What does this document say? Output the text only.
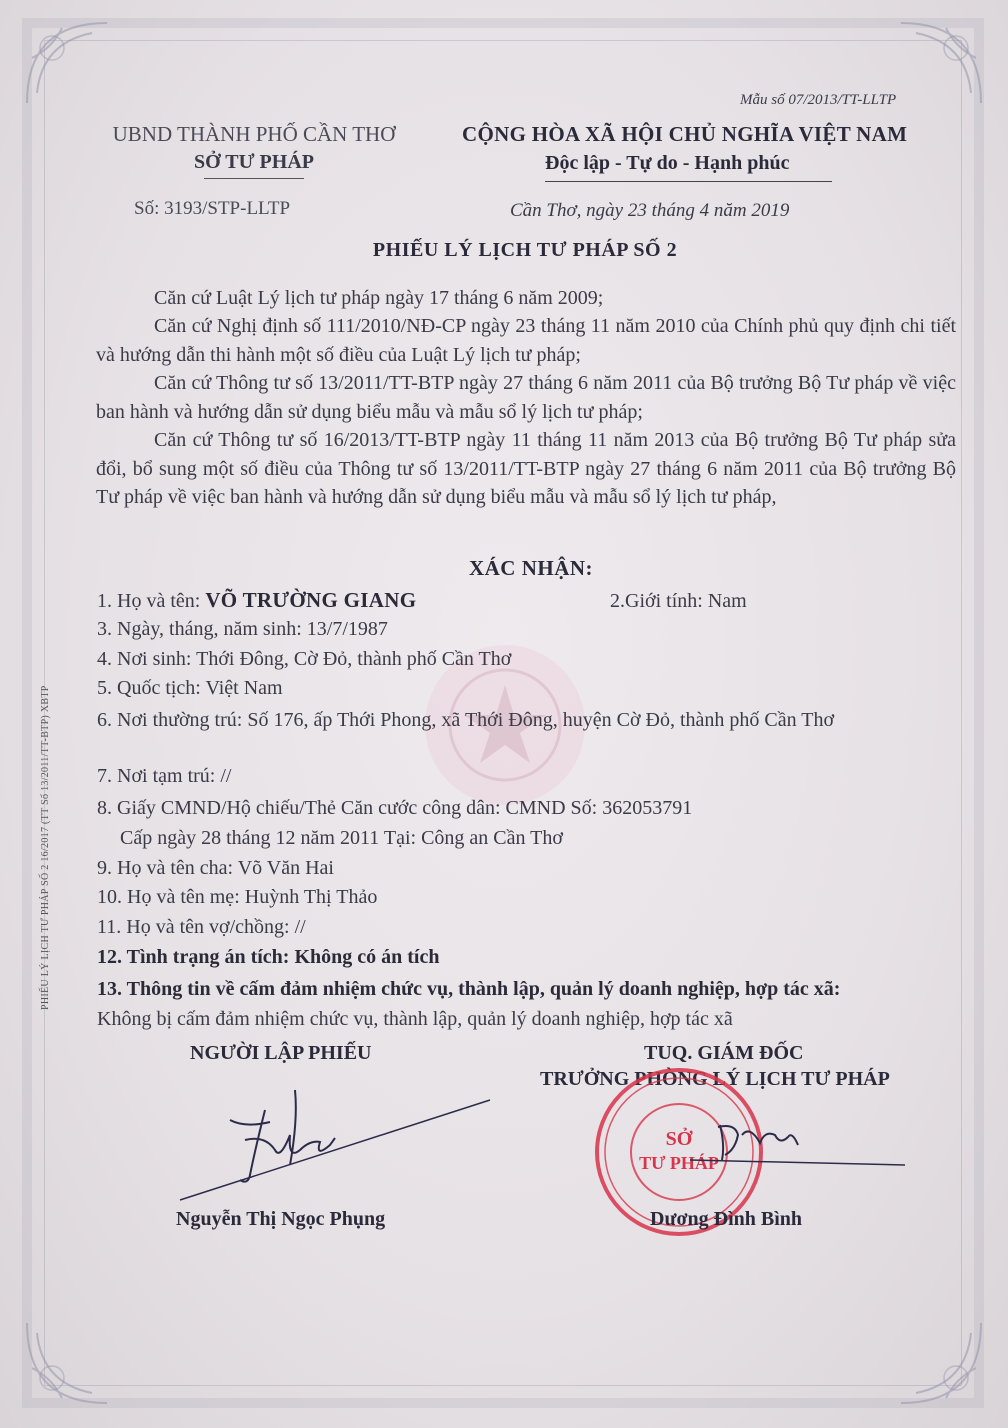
PHIẾU LÝ LỊCH TƯ PHÁP SỐ 2 16/2017 (TT Số 13/2011/TT-BTP) XBTP
Mẫu số 07/2013/TT-LLTP
UBND THÀNH PHỐ CẦN THƠ
SỞ TƯ PHÁP
Số: 3193/STP-LLTP
CỘNG HÒA XÃ HỘI CHỦ NGHĨA VIỆT NAM
Độc lập - Tự do - Hạnh phúc
Cần Thơ, ngày 23 tháng 4 năm 2019
PHIẾU LÝ LỊCH TƯ PHÁP SỐ 2
Căn cứ Luật Lý lịch tư pháp ngày 17 tháng 6 năm 2009;
Căn cứ Nghị định số 111/2010/NĐ-CP ngày 23 tháng 11 năm 2010 của Chính phủ quy định chi tiết và hướng dẫn thi hành một số điều của Luật Lý lịch tư pháp;
Căn cứ Thông tư số 13/2011/TT-BTP ngày 27 tháng 6 năm 2011 của Bộ trưởng Bộ Tư pháp về việc ban hành và hướng dẫn sử dụng biểu mẫu và mẫu sổ lý lịch tư pháp;
Căn cứ Thông tư số 16/2013/TT-BTP ngày 11 tháng 11 năm 2013 của Bộ trưởng Bộ Tư pháp sửa đổi, bổ sung một số điều của Thông tư số 13/2011/TT-BTP ngày 27 tháng 6 năm 2011 của Bộ trưởng Bộ Tư pháp về việc ban hành và hướng dẫn sử dụng biểu mẫu và mẫu sổ lý lịch tư pháp,
XÁC NHẬN:
1. Họ và tên: VÕ TRƯỜNG GIANG	2.Giới tính: Nam
3. Ngày, tháng, năm sinh: 13/7/1987
4. Nơi sinh: Thới Đông, Cờ Đỏ, thành phố Cần Thơ
5. Quốc tịch: Việt Nam
6. Nơi thường trú: Số 176, ấp Thới Phong, xã Thới Đông, huyện Cờ Đỏ, thành phố Cần Thơ
7. Nơi tạm trú: //
8. Giấy CMND/Hộ chiếu/Thẻ Căn cước công dân: CMND Số: 362053791
Cấp ngày 28 tháng 12 năm 2011 Tại: Công an Cần Thơ
9. Họ và tên cha: Võ Văn Hai
10. Họ và tên mẹ: Huỳnh Thị Thảo
11. Họ và tên vợ/chồng: //
12. Tình trạng án tích: Không có án tích
13. Thông tin về cấm đảm nhiệm chức vụ, thành lập, quản lý doanh nghiệp, hợp tác xã:
Không bị cấm đảm nhiệm chức vụ, thành lập, quản lý doanh nghiệp, hợp tác xã
NGƯỜI LẬP PHIẾU	TUQ. GIÁM ĐỐC
TRƯỞNG PHÒNG LÝ LỊCH TƯ PHÁP
Nguyễn Thị Ngọc Phụng
SỞ
TƯ PHÁP
Dương Đình Bình
